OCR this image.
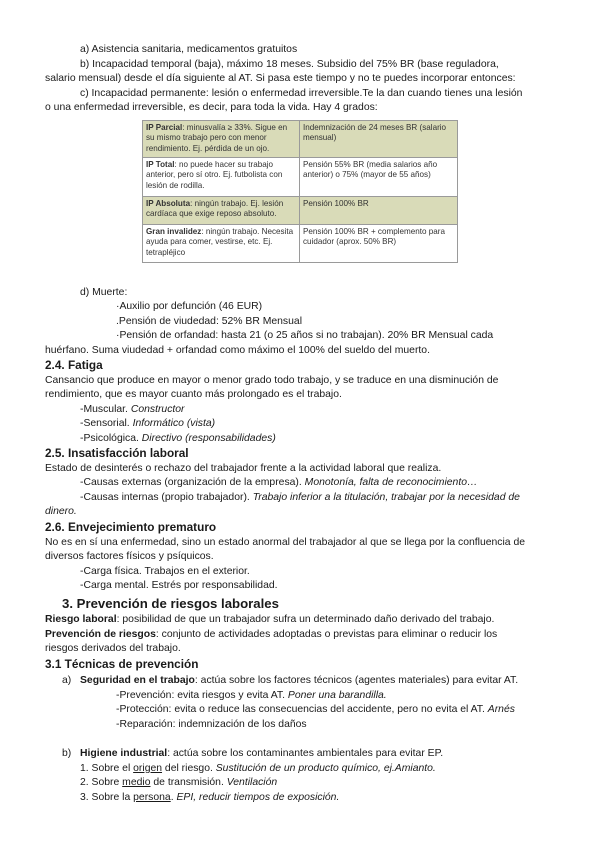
a) Asistencia sanitaria, medicamentos gratuitos

b) Incapacidad temporal (baja), máximo 18 meses. Subsidio del 75% BR (base reguladora,

salario mensual) desde el día siguiente al AT. Si pasa este tiempo y no te puedes incorporar entonces:

c) Incapacidad permanente: lesión o enfermedad irreversible.Te la dan cuando tienes una lesión

o una enfermedad irreversible, es decir, para toda la vida. Hay 4 grados:

IP Parcial: minusvalía ≥ 33%. Sigue en su mismo trabajo pero con menor rendimiento. Ej. pérdida de un ojo.	Indemnización de 24 meses BR (salario mensual)
IP Total: no puede hacer su trabajo anterior, pero sí otro. Ej. futbolista con lesión de rodilla.	Pensión 55% BR (media salarios año anterior) o 75% (mayor de 55 años)
IP Absoluta: ningún trabajo. Ej. lesión cardíaca que exige reposo absoluto.	Pensión 100% BR
Gran invalidez: ningún trabajo. Necesita ayuda para comer, vestirse, etc. Ej. tetrapléjico	Pensión 100% BR + complemento para cuidador (aprox. 50% BR)

d) Muerte:

·Auxilio por defunción (46 EUR)

.Pensión de viudedad: 52% BR Mensual

·Pensión de orfandad: hasta 21 (o 25 años si no trabajan). 20% BR Mensual cada

huérfano. Suma viudedad + orfandad como máximo el 100% del sueldo del muerto.

2.4. Fatiga

Cansancio que produce en mayor o menor grado todo trabajo, y se traduce en una disminución de

rendimiento, que es mayor cuanto más prolongado es el trabajo.

-Muscular. Constructor

-Sensorial. Informático (vista)

-Psicológica. Directivo (responsabilidades)

2.5. Insatisfacción laboral

Estado de desinterés o rechazo del trabajador frente a la actividad laboral que realiza.

-Causas externas (organización de la empresa). Monotonía, falta de reconocimiento…

-Causas internas (propio trabajador). Trabajo inferior a la titulación, trabajar por la necesidad de

dinero.

2.6. Envejecimiento prematuro

No es en sí una enfermedad, sino un estado anormal del trabajador al que se llega por la confluencia de

diversos factores físicos y psíquicos.

-Carga física. Trabajos en el exterior.

-Carga mental. Estrés por responsabilidad.

3. Prevención de riesgos laborales

Riesgo laboral: posibilidad de que un trabajador sufra un determinado daño derivado del trabajo.

Prevención de riesgos: conjunto de actividades adoptadas o previstas para eliminar o reducir los

riesgos derivados del trabajo.

3.1 Técnicas de prevención

a) Seguridad en el trabajo: actúa sobre los factores técnicos (agentes materiales) para evitar AT.

-Prevención: evita riesgos y evita AT. Poner una barandilla.

-Protección: evita o reduce las consecuencias del accidente, pero no evita el AT. Arnés

-Reparación: indemnización de los daños

b) Higiene industrial: actúa sobre los contaminantes ambientales para evitar EP.

1. Sobre el origen del riesgo. Sustitución de un producto químico, ej.Amianto.

2. Sobre medio de transmisión. Ventilación

3. Sobre la persona. EPI, reducir tiempos de exposición.
